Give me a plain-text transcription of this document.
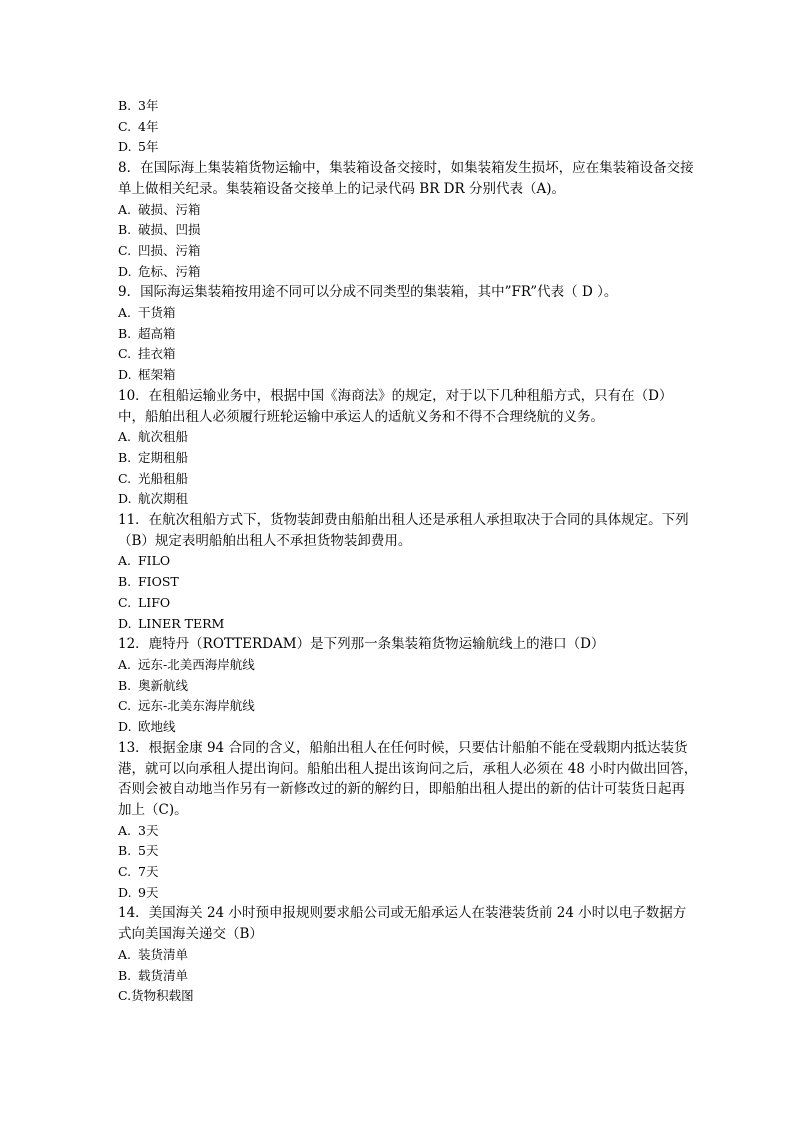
B. 3年
C. 4年
D. 5年
8．在国际海上集装箱货物运输中，集装箱设备交接时，如集装箱发生损坏，应在集装箱设备交接单上做相关纪录。集装箱设备交接单上的记录代码 BR DR 分别代表（A)。
A. 破损、污箱
B. 破损、凹损
C. 凹损、污箱
D. 危标、污箱
9．国际海运集装箱按用途不同可以分成不同类型的集装箱，其中”FR”代表（ D ）。
A. 干货箱
B. 超高箱
C. 挂衣箱
D. 框架箱
10．在租船运输业务中，根据中国《海商法》的规定，对于以下几种租船方式，只有在（D）中，船舶出租人必须履行班轮运输中承运人的适航义务和不得不合理绕航的义务。
A. 航次租船
B. 定期租船
C. 光船租船
D. 航次期租
11．在航次租船方式下，货物装卸费由船舶出租人还是承租人承担取决于合同的具体规定。下列（B）规定表明船舶出租人不承担货物装卸费用。
A. FILO
B. FIOST
C. LIFO
D. LINER TERM
12．鹿特丹（ROTTERDAM）是下列那一条集装箱货物运输航线上的港口（D）
A. 远东-北美西海岸航线
B. 奥新航线
C. 远东-北美东海岸航线
D. 欧地线
13．根据金康 94 合同的含义，船舶出租人在任何时候，只要估计船舶不能在受载期内抵达装货港，就可以向承租人提出询问。船舶出租人提出该询问之后，承租人必须在 48 小时内做出回答，否则会被自动地当作另有一新修改过的新的解约日，即船舶出租人提出的新的估计可装货日起再加上（C)。
A. 3天
B. 5天
C. 7天
D. 9天
14．美国海关 24 小时预申报规则要求船公司或无船承运人在装港装货前 24 小时以电子数据方式向美国海关递交（B）
A. 装货清单
B. 载货清单
C.货物积载图
